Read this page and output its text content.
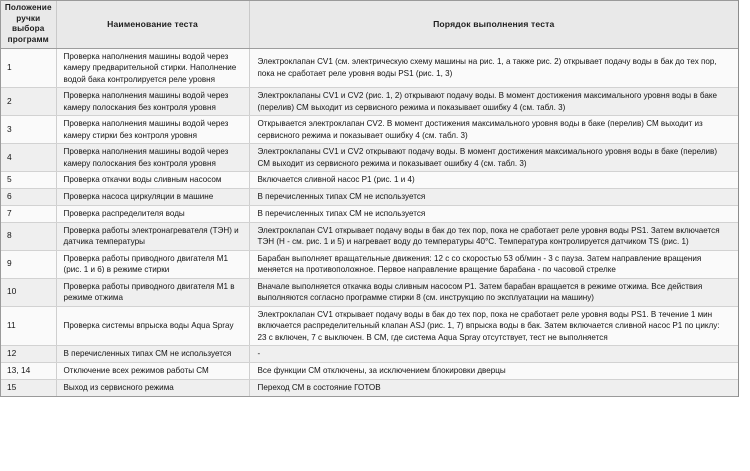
Положение ручки выбора программ	Наименование теста	Порядок выполнения теста
1	Проверка наполнения машины водой через камеру предварительной стирки. Наполнение водой бака контролируется реле уровня	Электроклапан CV1 (см. электрическую схему машины на рис. 1, а также рис. 2) открывает подачу воды в бак до тех пор, пока не сработает реле уровня воды PS1 (рис. 1, 3)
2	Проверка наполнения машины водой через камеру полоскания без контроля уровня	Электроклапаны CV1 и CV2 (рис. 1, 2) открывают подачу воды. В момент достижения максимального уровня воды в баке (перелив) СМ выходит из сервисного режима и показывает ошибку 4 (см. табл. 3)
3	Проверка наполнения машины водой через камеру стирки без контроля уровня	Открывается электроклапан CV2. В момент достижения максимального уровня воды в баке (перелив) СМ выходит из сервисного режима и показывает ошибку 4 (см. табл. 3)
4	Проверка наполнения машины водой через камеру полоскания без контроля уровня	Электроклапаны CV1 и CV2 открывают подачу воды. В момент достижения максимального уровня воды в баке (перелив) СМ выходит из сервисного режима и показывает ошибку 4 (см. табл. 3)
5	Проверка откачки воды сливным насосом	Включается сливной насос P1 (рис. 1 и 4)
6	Проверка насоса циркуляции в машине	В перечисленных типах СМ не используется
7	Проверка распределителя воды	В перечисленных типах СМ не используется
8	Проверка работы электронагревателя (ТЭН) и датчика температуры	Электроклапан CV1 открывает подачу воды в бак до тех пор, пока не сработает реле уровня воды PS1. Затем включается ТЭН (H - см. рис. 1 и 5) и нагревает воду до температуры 40°C. Температура контролируется датчиком TS (рис. 1)
9	Проверка работы приводного двигателя M1 (рис. 1 и 6) в режиме стирки	Барабан выполняет вращательные движения: 12 с со скоростью 53 об/мин - 3 с пауза. Затем направление вращения меняется на противоположное. Первое направление вращение барабана - по часовой стрелке
10	Проверка работы приводного двигателя M1 в режиме отжима	Вначале выполняется откачка воды сливным насосом P1. Затем барабан вращается в режиме отжима. Все действия выполняются согласно программе стирки 8 (см. инструкцию по эксплуатации на машину)
11	Проверка системы впрыска воды Aqua Spray	Электроклапан CV1 открывает подачу воды в бак до тех пор, пока не сработает реле уровня воды PS1. В течение 1 мин включается распределительный клапан ASJ (рис. 1, 7) впрыска воды в бак. Затем включается сливной насос P1 по циклу: 23 с включен, 7 с выключен. В СМ, где система Aqua Spray отсутствует, тест не выполняется
12	В перечисленных типах СМ не используется	-
13, 14	Отключение всех режимов работы СМ	Все функции СМ отключены, за исключением блокировки дверцы
15	Выход из сервисного режима	Переход СМ в состояние ГОТОВ
